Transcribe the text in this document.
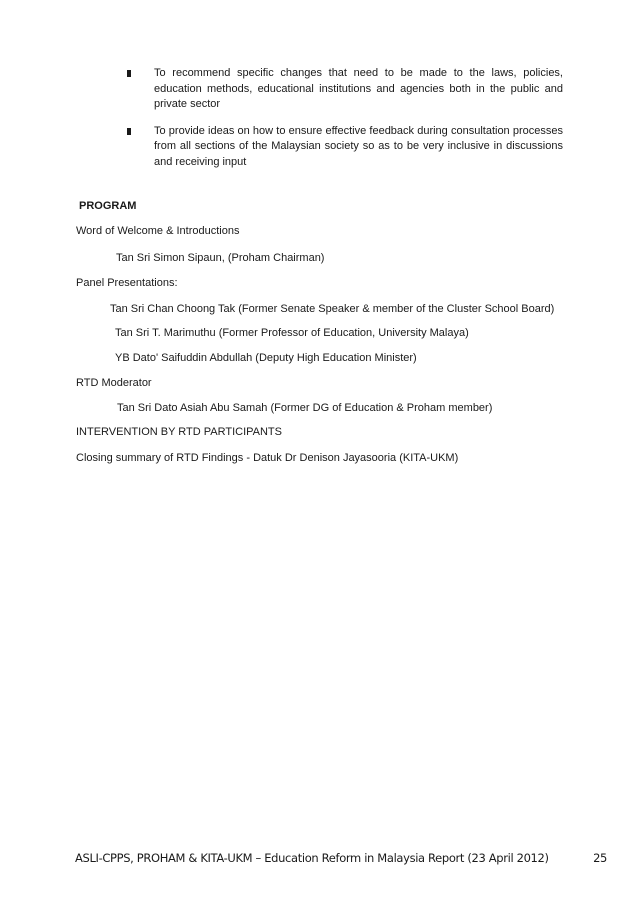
To recommend specific changes that need to be made to the laws, policies, education methods, educational institutions and agencies both in the public and private sector
To provide ideas on how to ensure effective feedback during consultation processes from all sections of the Malaysian society so as to be very inclusive in discussions and receiving input
PROGRAM
Word of Welcome & Introductions
Tan Sri Simon Sipaun, (Proham Chairman)
Panel Presentations:
Tan Sri Chan Choong Tak (Former Senate Speaker & member of the Cluster School Board)
Tan Sri T. Marimuthu (Former Professor of Education, University Malaya)
YB Dato' Saifuddin Abdullah (Deputy High Education Minister)
RTD Moderator
Tan Sri Dato Asiah Abu Samah (Former DG of Education & Proham member)
INTERVENTION BY RTD PARTICIPANTS
Closing summary of RTD Findings - Datuk Dr Denison Jayasooria (KITA-UKM)
ASLI-CPPS, PROHAM & KITA-UKM – Education Reform in Malaysia Report (23 April 2012)	25
